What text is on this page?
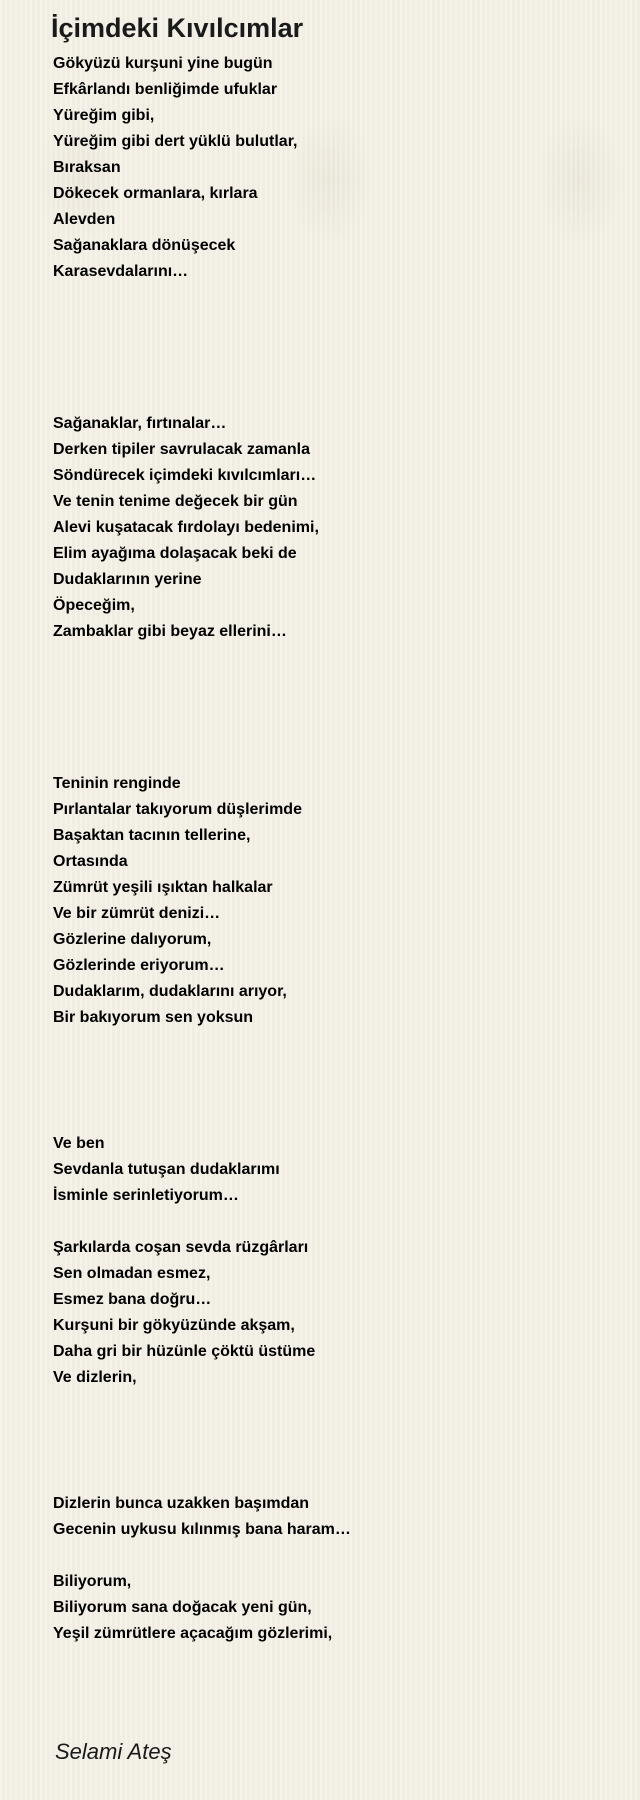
İçimdeki Kıvılcımlar
Gökyüzü kurşuni yine bugün
Efkârlandı benliğimde ufuklar
Yüreğim gibi,
Yüreğim gibi dert yüklü bulutlar,
Bıraksan
Dökecek ormanlara, kırlara
Alevden
Sağanaklara dönüşecek
Karasevdalarını…
Sağanaklar, fırtınalar…
Derken tipiler savrulacak zamanla
Söndürecek içimdeki kıvılcımları…
Ve tenin tenime değecek bir gün
Alevi kuşatacak fırdolayı bedenimi,
Elim ayağıma dolaşacak beki de
Dudaklarının yerine
Öpeceğim,
Zambaklar gibi beyaz ellerini…
Teninin renginde
Pırlantalar takıyorum düşlerimde
Başaktan tacının tellerine,
Ortasında
Zümrüt yeşili ışıktan halkalar
Ve bir zümrüt denizi…
Gözlerine dalıyorum,
Gözlerinde eriyorum…
Dudaklarım, dudaklarını arıyor,
Bir bakıyorum sen yoksun
Ve ben
Sevdanla tutuşan dudaklarımı
İsminle serinletiyorum…
Şarkılarda coşan sevda rüzgârları
Sen olmadan esmez,
Esmez bana doğru…
Kurşuni bir gökyüzünde akşam,
Daha gri bir hüzünle çöktü üstüme
Ve dizlerin,
Dizlerin bunca uzakken başımdan
Gecenin uykusu kılınmış bana haram…
Biliyorum,
Biliyorum sana doğacak yeni gün,
Yeşil zümrütlere açacağım gözlerimi,

Selami Ateş
